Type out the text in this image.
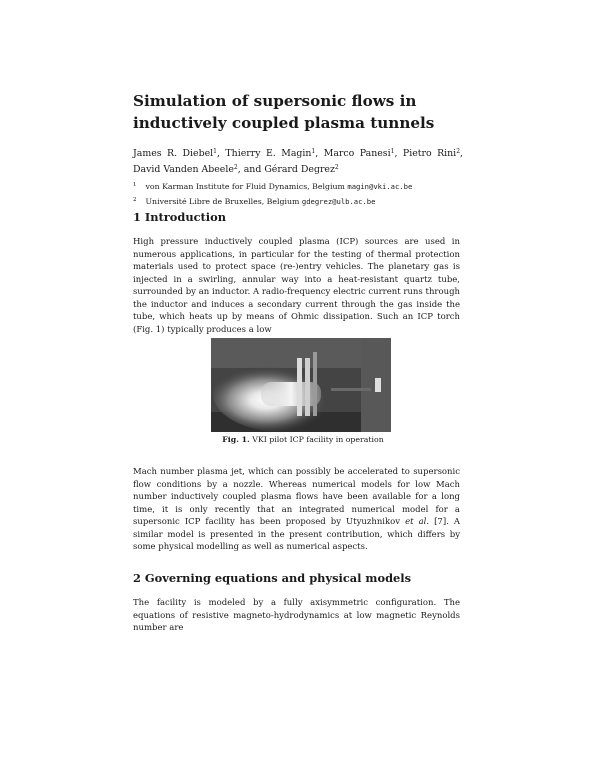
Simulation of supersonic flows in inductively coupled plasma tunnels

James R. Diebel$^1$, Thierry E. Magin$^1$, Marco Panesi$^1$, Pietro Rini$^2$, David Vanden Abeele$^2$, and Gérard Degrez$^2$

$^1$ von Karman Institute for Fluid Dynamics, Belgium magin@vki.ac.be
$^2$ Université Libre de Bruxelles, Belgium gdegrez@ulb.ac.be
1 Introduction

High pressure inductively coupled plasma (ICP) sources are used in numerous applications, in particular for the testing of thermal protection materials used to protect space (re-)entry vehicles. The planetary gas is injected in a swirling, annular way into a heat-resistant quartz tube, surrounded by an inductor. A radio-frequency electric current runs through the inductor and induces a secondary current through the gas inside the tube, which heats up by means of Ohmic dissipation. Such an ICP torch (Fig. 1) typically produces a low

Fig. 1. VKI pilot ICP facility in operation

Mach number plasma jet, which can possibly be accelerated to supersonic flow conditions by a nozzle. Whereas numerical models for low Mach number inductively coupled plasma flows have been available for a long time, it is only recently that an integrated numerical model for a supersonic ICP facility has been proposed by Utyuzhnikov et al. [7]. A similar model is presented in the present contribution, which differs by some physical modelling as well as numerical aspects.

2 Governing equations and physical models

The facility is modeled by a fully axisymmetric configuration. The equations of resistive magneto-hydrodynamics at low magnetic Reynolds number are
